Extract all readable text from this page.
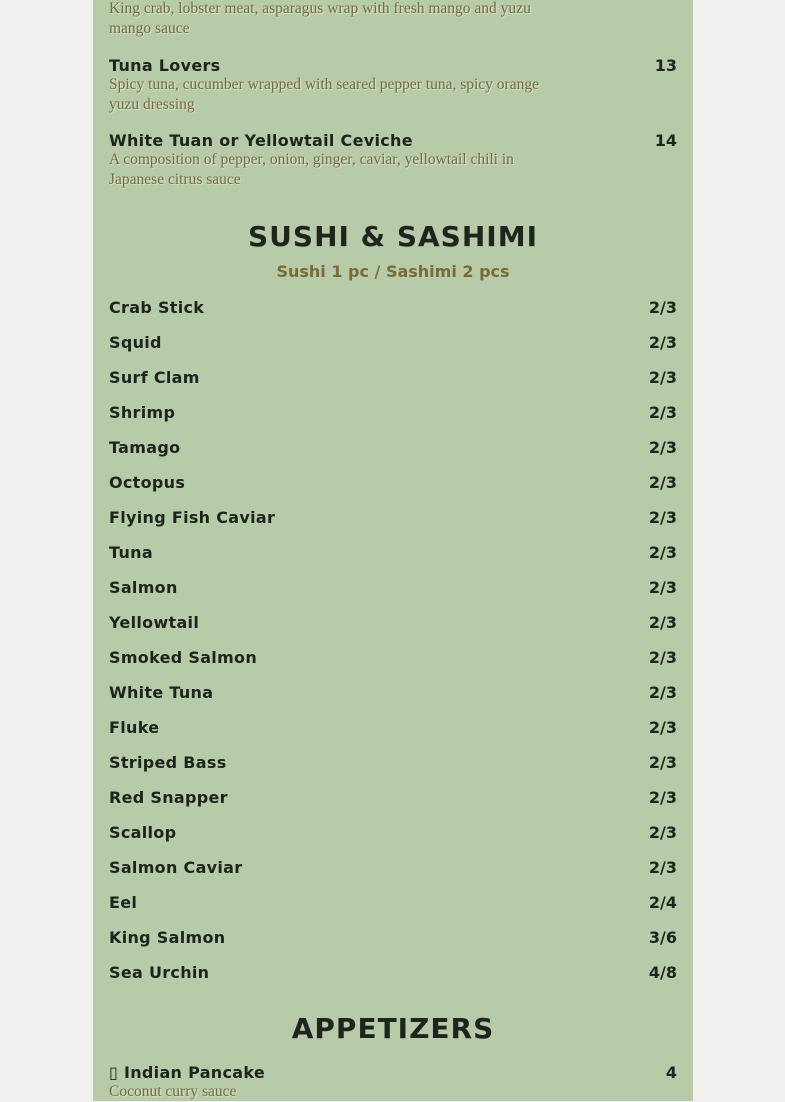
King crab, lobster meat, asparagus wrap with fresh mango and yuzu mango sauce
Tuna Lovers	13
Spicy tuna, cucumber wrapped with seared pepper tuna, spicy orange yuzu dressing
White Tuan or Yellowtail Ceviche	14
A composition of pepper, onion, ginger, caviar, yellowtail chili in Japanese citrus sauce
SUSHI & SASHIMI
Sushi 1 pc / Sashimi 2 pcs
Crab Stick	2/3
Squid	2/3
Surf Clam	2/3
Shrimp	2/3
Tamago	2/3
Octopus	2/3
Flying Fish Caviar	2/3
Tuna	2/3
Salmon	2/3
Yellowtail	2/3
Smoked Salmon	2/3
White Tuna	2/3
Fluke	2/3
Striped Bass	2/3
Red Snapper	2/3
Scallop	2/3
Salmon Caviar	2/3
Eel	2/4
King Salmon	3/6
Sea Urchin	4/8
APPETIZERS
▯ Indian Pancake	4
Coconut curry sauce
